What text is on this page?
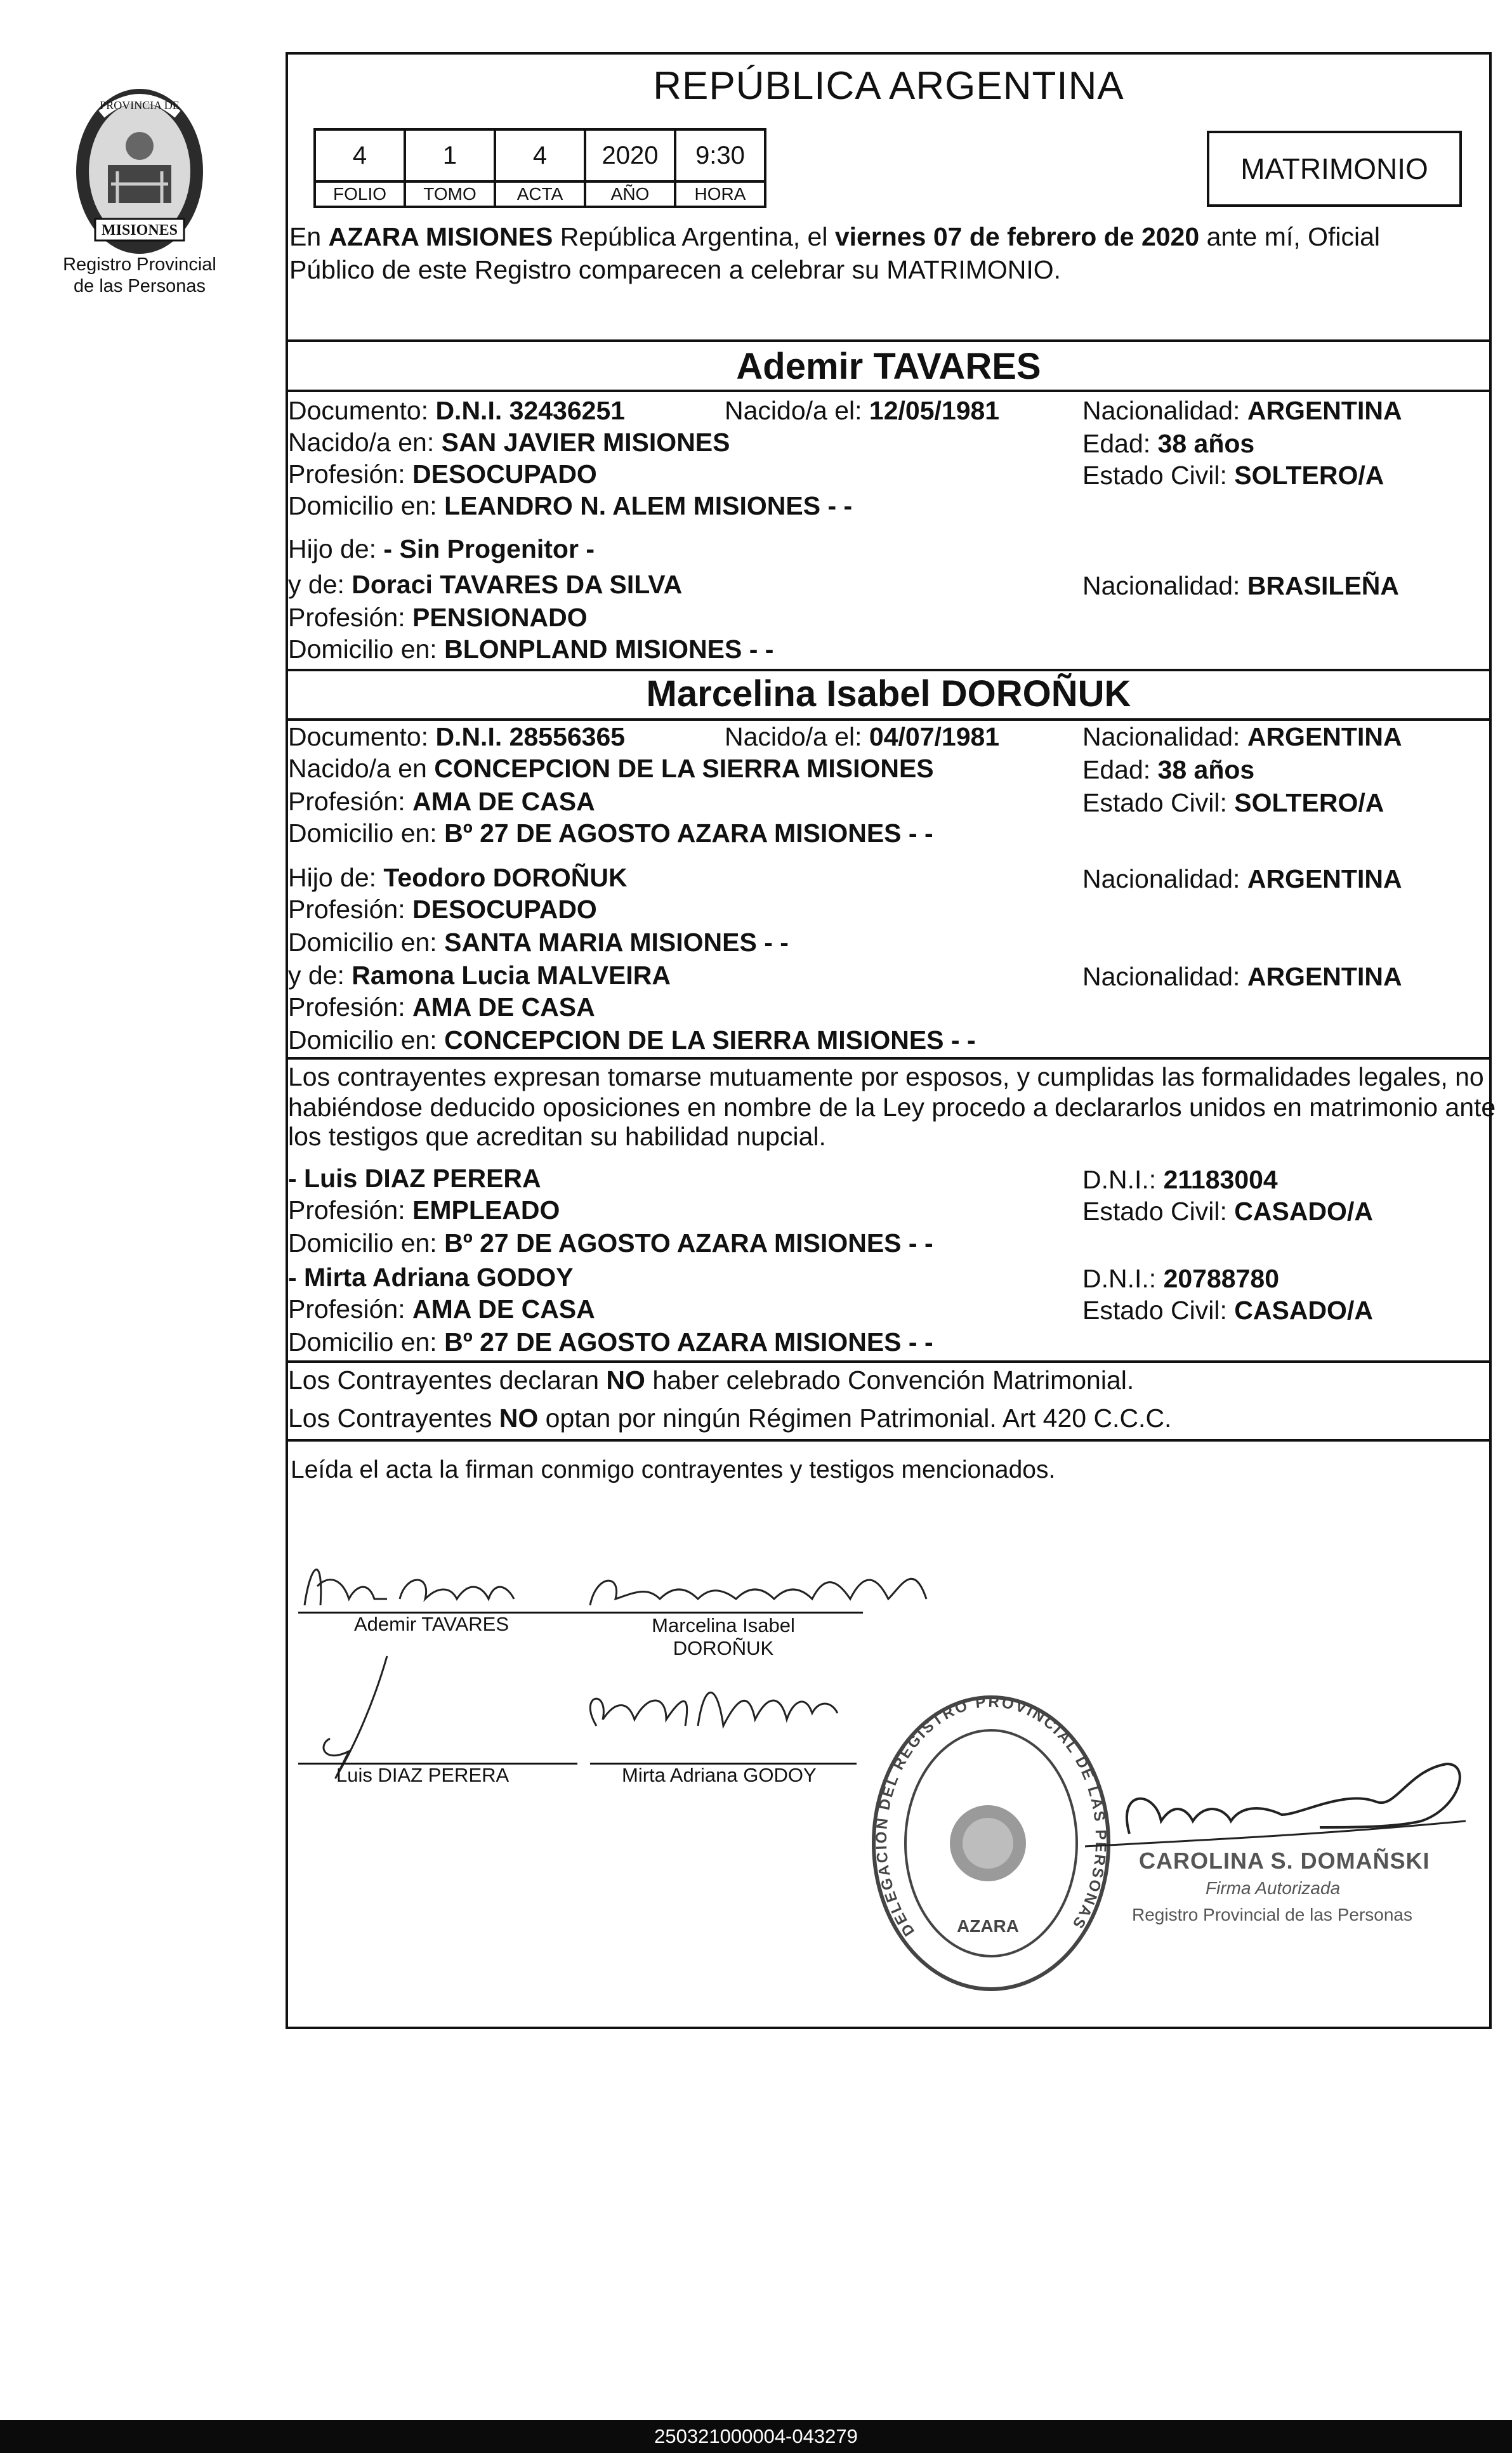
PROVINCIA DE
MISIONES
Registro Provincial
de las Personas
REPÚBLICA ARGENTINA
4	1	4	2020	9:30
FOLIO	TOMO	ACTA	AÑO	HORA
MATRIMONIO
En AZARA MISIONES República Argentina, el viernes 07 de febrero de 2020 ante mí, Oficial
Público de este Registro comparecen a celebrar su MATRIMONIO.
Ademir TAVARES
Documento: D.N.I. 32436251	Nacido/a el: 12/05/1981	Nacionalidad: ARGENTINA
Nacido/a en: SAN JAVIER MISIONES	Edad: 38 años
Profesión: DESOCUPADO	Estado Civil: SOLTERO/A
Domicilio en: LEANDRO N. ALEM MISIONES - -
Hijo de: - Sin Progenitor -
y de: Doraci TAVARES DA SILVA	Nacionalidad: BRASILEÑA
Profesión: PENSIONADO
Domicilio en: BLONPLAND MISIONES - -
Marcelina Isabel DOROÑUK
Documento: D.N.I. 28556365	Nacido/a el: 04/07/1981	Nacionalidad: ARGENTINA
Nacido/a en CONCEPCION DE LA SIERRA MISIONES	Edad: 38 años
Profesión: AMA DE CASA	Estado Civil: SOLTERO/A
Domicilio en: Bº 27 DE AGOSTO AZARA MISIONES - -
Hijo de: Teodoro DOROÑUK	Nacionalidad: ARGENTINA
Profesión: DESOCUPADO
Domicilio en: SANTA MARIA MISIONES - -
y de: Ramona Lucia MALVEIRA	Nacionalidad: ARGENTINA
Profesión: AMA DE CASA
Domicilio en: CONCEPCION DE LA SIERRA MISIONES - -
Los contrayentes expresan tomarse mutuamente por esposos, y cumplidas las formalidades legales, no
habiéndose deducido oposiciones en nombre de la Ley procedo a declararlos unidos en matrimonio ante
los testigos que acreditan su habilidad nupcial.
- Luis DIAZ PERERA	D.N.I.: 21183004
Profesión: EMPLEADO	Estado Civil: CASADO/A
Domicilio en: Bº 27 DE AGOSTO AZARA MISIONES - -
- Mirta Adriana GODOY	D.N.I.: 20788780
Profesión: AMA DE CASA	Estado Civil: CASADO/A
Domicilio en: Bº 27 DE AGOSTO AZARA MISIONES - -
Los Contrayentes declaran NO haber celebrado Convención Matrimonial.
Los Contrayentes NO optan por ningún Régimen Patrimonial. Art 420 C.C.C.
Leída el acta la firman conmigo contrayentes y testigos mencionados.
Ademir TAVARES	Marcelina Isabel
DOROÑUK
Luis DIAZ PERERA	Mirta Adriana GODOY
DELEGACION DEL REGISTRO PROVINCIAL DE LAS PERSONAS
AZARA
CAROLINA S. DOMAÑSKI
Firma Autorizada
Registro Provincial de las Personas
250321000004-043279
